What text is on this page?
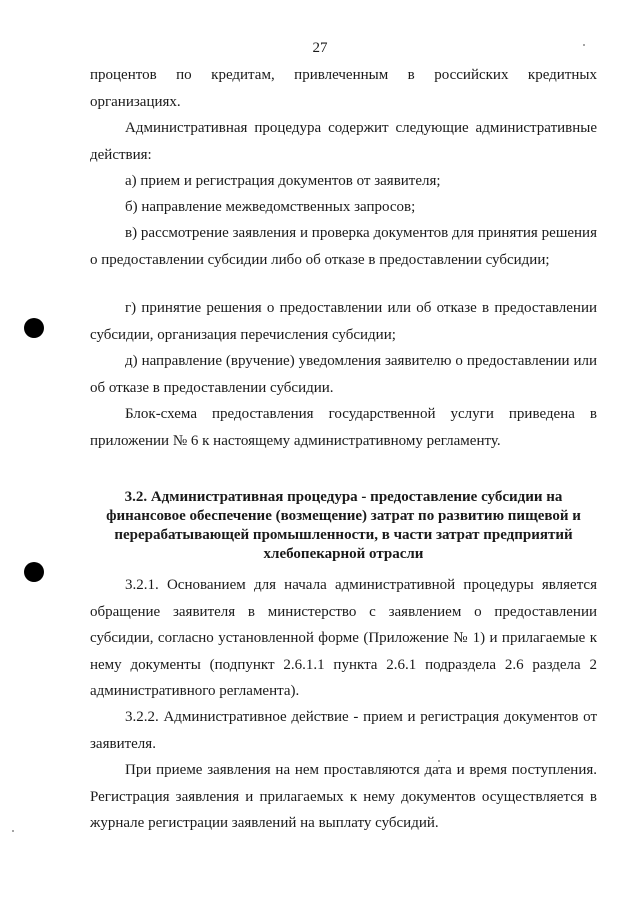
27

процентов по кредитам, привлеченным в российских кредитных организациях.

Административная процедура содержит следующие административные действия:

а) прием и регистрация документов от заявителя;

б) направление межведомственных запросов;

в) рассмотрение заявления и проверка документов для принятия решения о предоставлении субсидии либо об отказе в предоставлении субсидии;

г) принятие решения о предоставлении или об отказе в предоставлении субсидии, организация перечисления субсидии;

д) направление (вручение) уведомления заявителю о предоставлении или об отказе в предоставлении субсидии.

Блок-схема предоставления государственной услуги приведена в приложении № 6 к настоящему административному регламенту.

3.2. Административная процедура - предоставление субсидии на финансовое обеспечение (возмещение) затрат по развитию пищевой и перерабатывающей промышленности, в части затрат предприятий хлебопекарной отрасли

3.2.1. Основанием для начала административной процедуры является обращение заявителя в министерство с заявлением о предоставлении субсидии, согласно установленной форме (Приложение № 1) и прилагаемые к нему документы (подпункт 2.6.1.1 пункта 2.6.1 подраздела 2.6 раздела 2 административного регламента).

3.2.2. Административное действие - прием и регистрация документов от заявителя.

При приеме заявления на нем проставляются дата и время поступления. Регистрация заявления и прилагаемых к нему документов осуществляется в журнале регистрации заявлений на выплату субсидий.
